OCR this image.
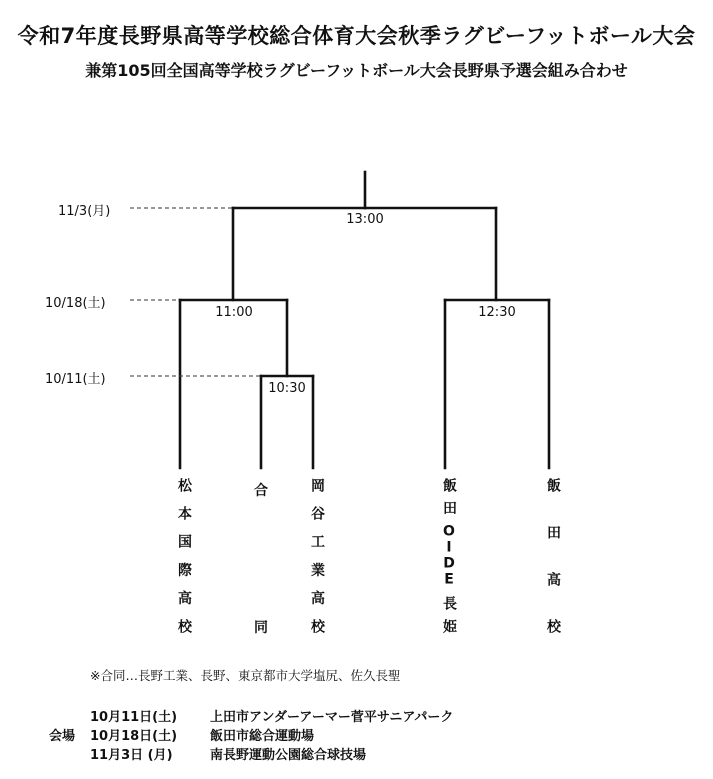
令和7年度長野県高等学校総合体育大会秋季ラグビーフットボール大会
兼第105回全国高等学校ラグビーフットボール大会長野県予選会組み合わせ
11/3(月)
10/18(土)
10/11(土)
13:00
11:00	12:30
10:30
松本国際高校	合
同	岡谷工業高校	飯田OIDE長姫	飯田高校
※合同…長野工業、長野、東京都市大学塩尻、佐久長聖
会場
10月11日(土)	上田市アンダーアーマー菅平サニアパーク
10月18日(土)	飯田市総合運動場
11月3日 (月)	南長野運動公園総合球技場
